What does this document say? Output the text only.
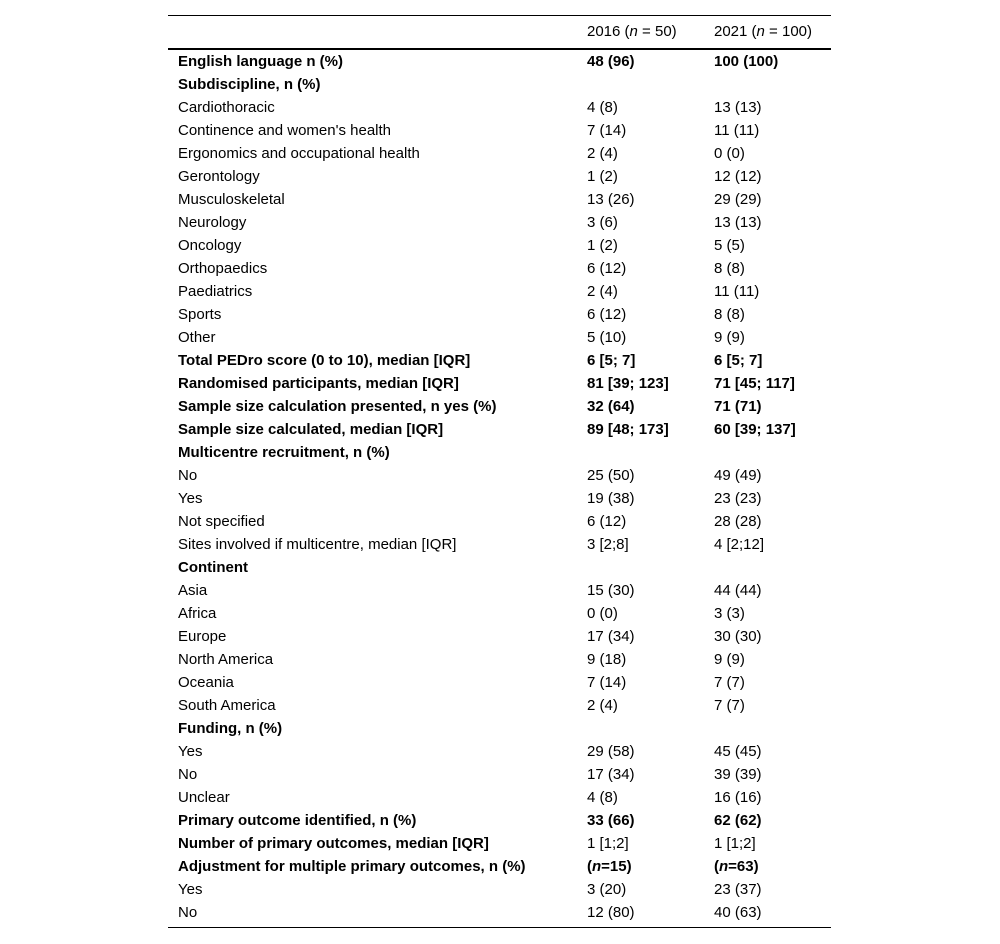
2016 (n = 50) 2021 (n = 100)
English language n (%)	48 (96)	100 (100)
Subdiscipline, n (%)
Cardiothoracic	4 (8)	13 (13)
Continence and women's health	7 (14)	11 (11)
Ergonomics and occupational health	2 (4)	0 (0)
Gerontology	1 (2)	12 (12)
Musculoskeletal	13 (26)	29 (29)
Neurology	3 (6)	13 (13)
Oncology	1 (2)	5 (5)
Orthopaedics	6 (12)	8 (8)
Paediatrics	2 (4)	11 (11)
Sports	6 (12)	8 (8)
Other	5 (10)	9 (9)
Total PEDro score (0 to 10), median [IQR]	6 [5; 7]	6 [5; 7]
Randomised participants, median [IQR]	81 [39; 123]	71 [45; 117]
Sample size calculation presented, n yes (%)	32 (64)	71 (71)
Sample size calculated, median [IQR]	89 [48; 173]	60 [39; 137]
Multicentre recruitment, n (%)
No	25 (50)	49 (49)
Yes	19 (38)	23 (23)
Not specified	6 (12)	28 (28)
Sites involved if multicentre, median [IQR]	3 [2;8]	4 [2;12]
Continent
Asia	15 (30)	44 (44)
Africa	0 (0)	3 (3)
Europe	17 (34)	30 (30)
North America	9 (18)	9 (9)
Oceania	7 (14)	7 (7)
South America	2 (4)	7 (7)
Funding, n (%)
Yes	29 (58)	45 (45)
No	17 (34)	39 (39)
Unclear	4 (8)	16 (16)
Primary outcome identified, n (%)	33 (66)	62 (62)
Number of primary outcomes, median [IQR]	1 [1;2]	1 [1;2]
Adjustment for multiple primary outcomes, n (%)	(n=15)	(n=63)
Yes	3 (20)	23 (37)
No	12 (80)	40 (63)
